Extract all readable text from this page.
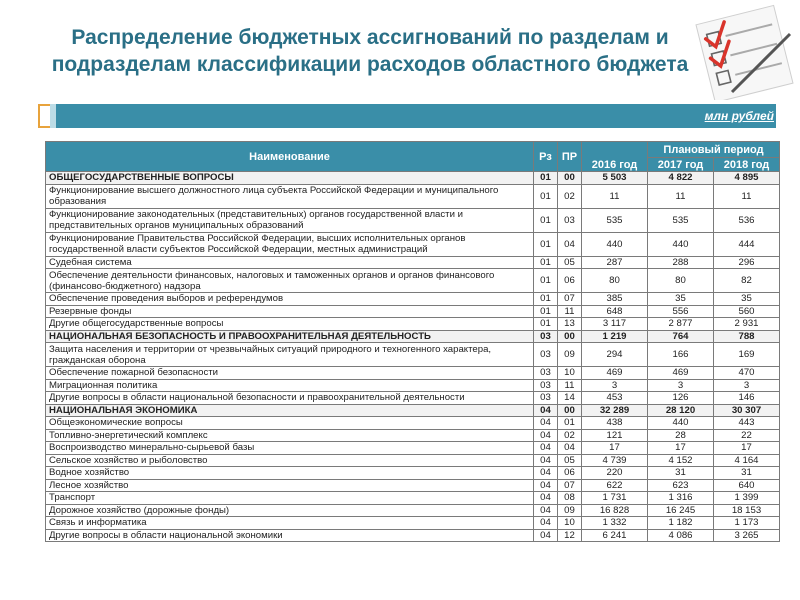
Распределение бюджетных ассигнований по разделам и
подразделам классификации расходов областного бюджета
млн рублей
Наименование	Рз	ПР	2016 год	Плановый период	
				2017 год	2018 год
ОБЩЕГОСУДАРСТВЕННЫЕ ВОПРОСЫ	01	00	5 503	4 822	4 895
Функционирование высшего должностного лица субъекта Российской Федерации и муниципального образования	01	02	11	11	11
Функционирование законодательных (представительных) органов государственной власти и представительных органов муниципальных образований	01	03	535	535	536
Функционирование Правительства Российской Федерации, высших исполнительных органов государственной власти субъектов Российской Федерации, местных администраций	01	04	440	440	444
Судебная система	01	05	287	288	296
Обеспечение деятельности финансовых, налоговых и таможенных органов и органов финансового (финансово-бюджетного) надзора	01	06	80	80	82
Обеспечение проведения выборов и референдумов	01	07	385	35	35
Резервные фонды	01	11	648	556	560
Другие общегосударственные вопросы	01	13	3 117	2 877	2 931
НАЦИОНАЛЬНАЯ БЕЗОПАСНОСТЬ И ПРАВООХРАНИТЕЛЬНАЯ ДЕЯТЕЛЬНОСТЬ	03	00	1 219	764	788
Защита населения и территории от чрезвычайных ситуаций природного и техногенного характера, гражданская оборона	03	09	294	166	169
Обеспечение пожарной безопасности	03	10	469	469	470
Миграционная политика	03	11	3	3	3
Другие вопросы в области национальной безопасности и правоохранительной деятельности	03	14	453	126	146
НАЦИОНАЛЬНАЯ ЭКОНОМИКА	04	00	32 289	28 120	30 307
Общеэкономические вопросы	04	01	438	440	443
Топливно-энергетический комплекс	04	02	121	28	22
Воспроизводство минерально-сырьевой базы	04	04	17	17	17
Сельское хозяйство и рыболовство	04	05	4 739	4 152	4 164
Водное хозяйство	04	06	220	31	31
Лесное хозяйство	04	07	622	623	640
Транспорт	04	08	1 731	1 316	1 399
Дорожное хозяйство (дорожные фонды)	04	09	16 828	16 245	18 153
Связь и информатика	04	10	1 332	1 182	1 173
Другие вопросы в области национальной экономики	04	12	6 241	4 086	3 265
